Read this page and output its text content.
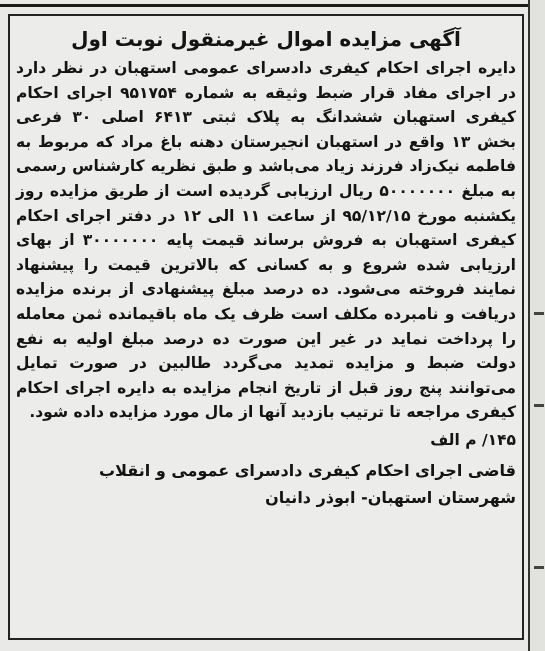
آگهی مزایده اموال غیرمنقول نوبت اول

دایره اجرای احکام کیفری دادسرای عمومی استهبان در نظر دارد در اجرای مفاد قرار ضبط وثیقه به شماره ۹۵۱۷۵۴ اجرای احکام کیفری استهبان ششدانگ به پلاک ثبتی ۶۴۱۳ اصلی ۳۰ فرعی بخش ۱۳ واقع در استهبان انجیرستان دهنه باغ مراد که مربوط به فاطمه نیک‌زاد فرزند زیاد می‌باشد و طبق نظریه کارشناس رسمی به مبلغ ۵۰۰۰۰۰۰۰ ریال ارزیابی گردیده است از طریق مزایده روز یکشنبه مورخ ۹۵/۱۲/۱۵ از ساعت ۱۱ الی ۱۲ در دفتر اجرای احکام کیفری استهبان به فروش برساند قیمت پایه ۳۰۰۰۰۰۰۰ از بهای ارزیابی شده شروع و به کسانی که بالاترین قیمت را پیشنهاد نمایند فروخته می‌شود. ده درصد مبلغ پیشنهادی از برنده مزایده دریافت و نامبرده مکلف است ظرف یک ماه باقیمانده ثمن معامله را پرداخت نماید در غیر این صورت ده درصد مبلغ اولیه به نفع دولت ضبط و مزایده تمدید می‌گردد طالبین در صورت تمایل می‌توانند پنج روز قبل از تاریخ انجام مزایده به دایره اجرای احکام کیفری مراجعه تا ترتیب بازدید آنها از مال مورد مزایده داده شود.

۱۴۵/ م الف

قاضی اجرای احکام کیفری دادسرای عمومی و انقلاب شهرستان استهبان- ابوذر دانیان
